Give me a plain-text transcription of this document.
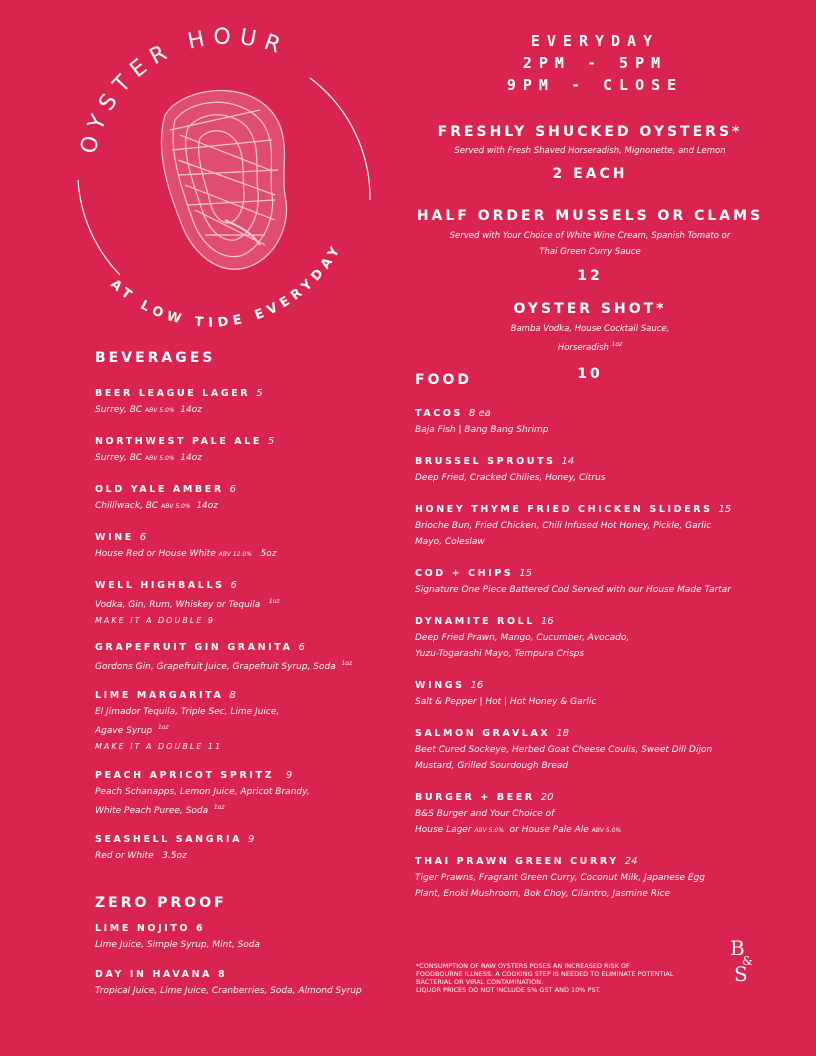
OYSTER HOUR
AT LOW TIDE EVERYDAY
EVERYDAY
2PM - 5PM
9PM - CLOSE
FRESHLY SHUCKED OYSTERS*
Served with Fresh Shaved Horseradish, Mignonette, and Lemon
2 EACH
HALF ORDER MUSSELS OR CLAMS
Served with Your Choice of White Wine Cream, Spanish Tomato or
Thai Green Curry Sauce
12
OYSTER SHOT*
Bamba Vodka, House Cocktail Sauce,
Horseradish $^{1oz}$
10
BEVERAGES
BEER LEAGUE LAGER 5
Surrey, BC ABV 5.0% 14oz
NORTHWEST PALE ALE 5
Surrey, BC ABV 5.0% 14oz
OLD YALE AMBER 6
Chilliwack, BC ABV 5.0% 14oz
WINE 6
House Red or House White ABV 12.0% 5oz
WELL HIGHBALLS 6
Vodka, Gin, Rum, Whiskey or Tequila $^{1oz}$
MAKE IT A DOUBLE 9
GRAPEFRUIT GIN GRANITA 6
Gordons Gin, Grapefruit Juice, Grapefruit Syrup, Soda $^{1oz}$
LIME MARGARITA 8
El Jimador Tequila, Triple Sec, Lime Juice,
Agave Syrup $^{1oz}$
MAKE IT A DOUBLE 11
PEACH APRICOT SPRITZ 9
Peach Schanapps, Lemon Juice, Apricot Brandy,
White Peach Puree, Soda $^{1oz}$
SEASHELL SANGRIA 9
Red or White 3.5oz
ZERO PROOF
LIME NOJITO 6
LIme Juice, Simple Syrup, Mint, Soda
DAY IN HAVANA 8
Tropical Juice, Lime Juice, Cranberries, Soda, Almond Syrup
FOOD
TACOS 8 ea
Baja Fish | Bang Bang Shrimp
BRUSSEL SPROUTS 14
Deep Fried, Cracked Chilies, Honey, Citrus
HONEY THYME FRIED CHICKEN SLIDERS 15
Brioche Bun, Fried Chicken, Chili Infused Hot Honey, Pickle, Garlic
Mayo, Coleslaw
COD + CHIPS 15
Signature One Piece Battered Cod Served with our House Made Tartar
DYNAMITE ROLL 16
Deep Fried Prawn, Mango, Cucumber, Avocado,
Yuzu-Togarashi Mayo, Tempura Crisps
WINGS 16
Salt & Pepper | Hot | Hot Honey & Garlic
SALMON GRAVLAX 18
Beet Cured Sockeye, Herbed Goat Cheese Coulis, Sweet Dill Dijon
Mustard, Grilled Sourdough Bread
BURGER + BEER 20
B&S Burger and Your Choice of
House Lager ABV 5.0% or House Pale Ale ABV 5.0%
THAI PRAWN GREEN CURRY 24
Tiger Prawns, Fragrant Green Curry, Coconut Milk, Japanese Egg
Plant, Enoki Mushroom, Bok Choy, Cilantro, Jasmine Rice
*CONSUMPTION OF RAW OYSTERS POSES AN INCREASED RISK OF
FOODBOURNE ILLNESS. A COOKING STEP IS NEEDED TO ELIMINATE POTENTIAL
BACTERIAL OR VIRAL CONTAMINATION.
LIQUOR PRICES DO NOT INCLUDE 5% GST AND 10% PST.
B
&
S
